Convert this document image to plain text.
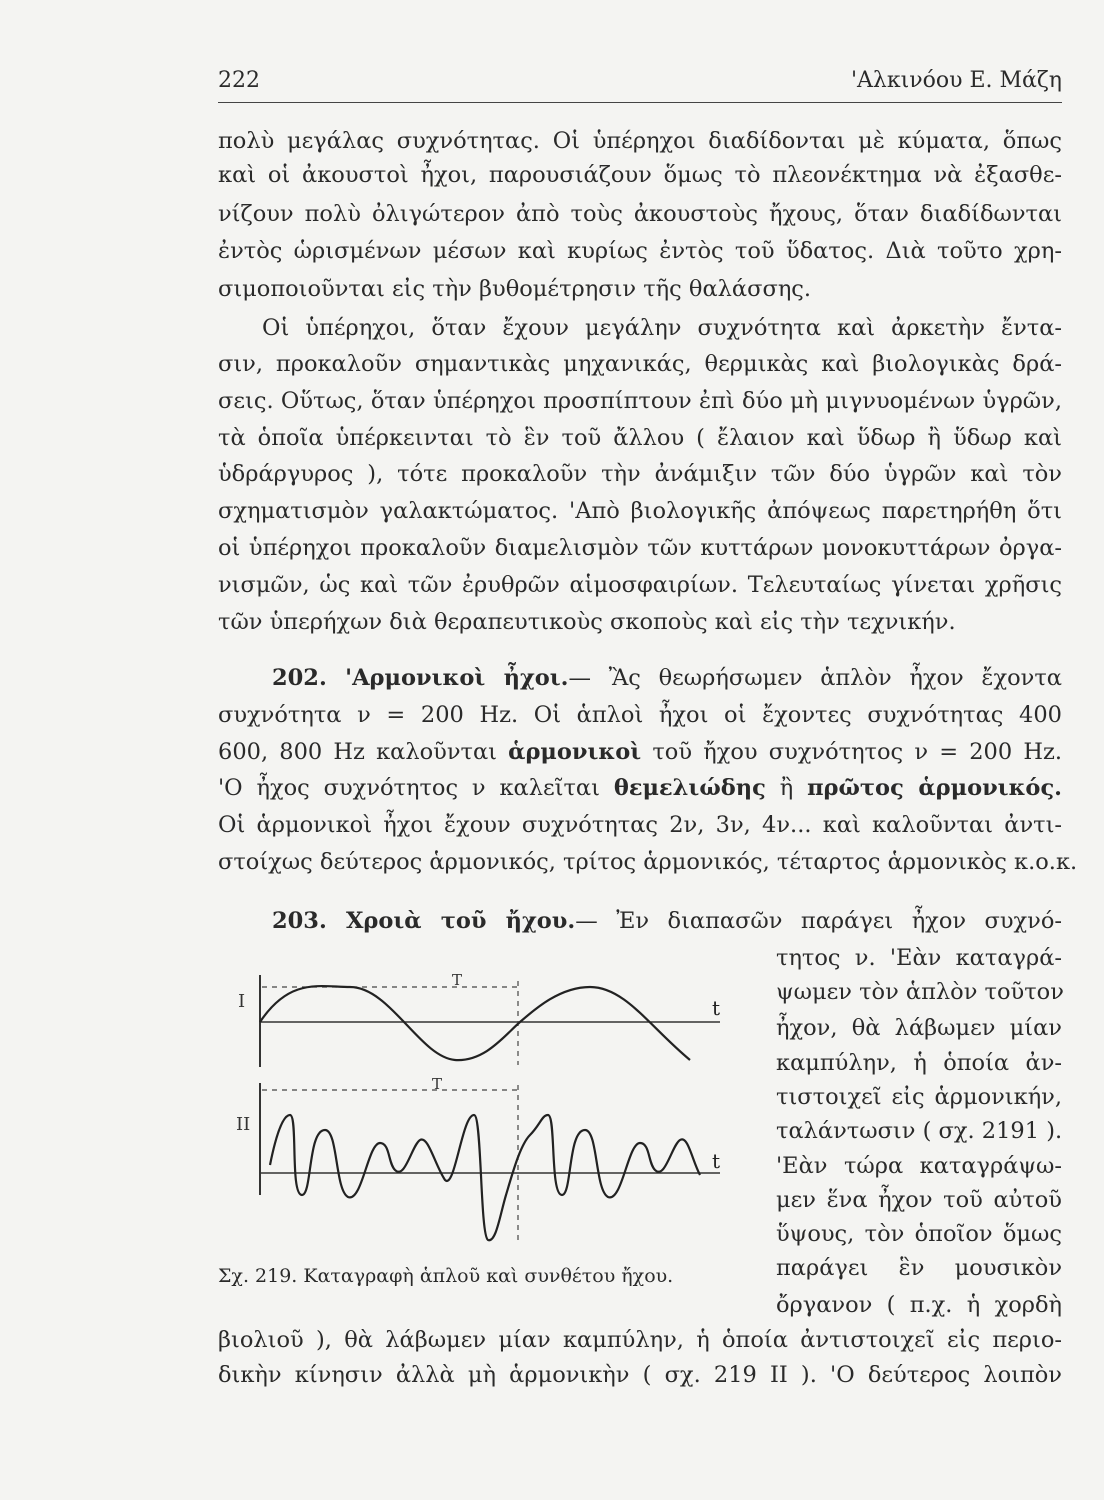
222	'Αλκινόου Ε. Μάζη
πολὺ μεγάλας συχνότητας. Οἱ ὑπέρηχοι διαδίδονται μὲ κύματα, ὅπως
καὶ οἱ ἀκουστοὶ ἦχοι, παρουσιάζουν ὅμως τὸ πλεονέκτημα νὰ ἐξασθε-
νίζουν πολὺ ὀλιγώτερον ἀπὸ τοὺς ἀκουστοὺς ἤχους, ὅταν διαδίδωνται
ἐντὸς ὡρισμένων μέσων καὶ κυρίως ἐντὸς τοῦ ὕδατος. Διὰ τοῦτο χρη-
σιμοποιοῦνται εἰς τὴν βυθομέτρησιν τῆς θαλάσσης.
Οἱ ὑπέρηχοι, ὅταν ἔχουν μεγάλην συχνότητα καὶ ἀρκετὴν ἔντα-
σιν, προκαλοῦν σημαντικὰς μηχανικάς, θερμικὰς καὶ βιολογικὰς δρά-
σεις. Οὕτως, ὅταν ὑπέρηχοι προσπίπτουν ἐπὶ δύο μὴ μιγνυομένων ὑγρῶν,
τὰ ὁποῖα ὑπέρκεινται τὸ ἓν τοῦ ἄλλου ( ἔλαιον καὶ ὕδωρ ἢ ὕδωρ καὶ
ὑδράργυρος ), τότε προκαλοῦν τὴν ἀνάμιξιν τῶν δύο ὑγρῶν καὶ τὸν
σχηματισμὸν γαλακτώματος. 'Απὸ βιολογικῆς ἀπόψεως παρετηρήθη ὅτι
οἱ ὑπέρηχοι προκαλοῦν διαμελισμὸν τῶν κυττάρων μονοκυττάρων ὀργα-
νισμῶν, ὡς καὶ τῶν ἐρυθρῶν αἱμοσφαιρίων. Τελευταίως γίνεται χρῆσις
τῶν ὑπερήχων διὰ θεραπευτικοὺς σκοποὺς καὶ εἰς τὴν τεχνικήν.
202. 'Αρμονικοὶ ἦχοι.— Ἂς θεωρήσωμεν ἁπλὸν ἦχον ἔχοντα
συχνότητα ν = 200 Hz. Οἱ ἁπλοὶ ἦχοι οἱ ἔχοντες συχνότητας 400
600, 800 Hz καλοῦνται ἁρμονικοὶ τοῦ ἤχου συχνότητος ν = 200 Hz.
'Ο ἦχος συχνότητος ν καλεῖται θεμελιώδης ἢ πρῶτος ἁρμονικός.
Οἱ ἁρμονικοὶ ἦχοι ἔχουν συχνότητας 2ν, 3ν, 4ν... καὶ καλοῦνται ἀντι-
στοίχως δεύτερος ἁρμονικός, τρίτος ἁρμονικός, τέταρτος ἁρμονικὸς κ.ο.κ.
203. Χροιὰ τοῦ ἤχου.— Ἐν διαπασῶν παράγει ἦχον συχνό-
τητος ν. 'Εὰν καταγρά-
ψωμεν τὸν ἁπλὸν τοῦτον
ἦχον, θὰ λάβωμεν μίαν
καμπύλην, ἡ ὁποία ἀν-
τιστοιχεῖ εἰς ἁρμονικήν,
ταλάντωσιν ( σχ. 2191 ).
'Εὰν τώρα καταγράψω-
μεν ἕνα ἦχον τοῦ αὐτοῦ
ὕψους, τὸν ὁποῖον ὅμως
παράγει ἓν μουσικὸν
ὄργανον ( π.χ. ἡ χορδὴ
βιολιοῦ ), θὰ λάβωμεν μίαν καμπύλην, ἡ ὁποία ἀντιστοιχεῖ εἰς περιο-
δικὴν κίνησιν ἀλλὰ μὴ ἁρμονικὴν ( σχ. 219 II ). 'Ο δεύτερος λοιπὸν
I
T
t
II
T
t
Σχ. 219. Καταγραφὴ ἁπλοῦ καὶ συνθέτου ἤχου.
